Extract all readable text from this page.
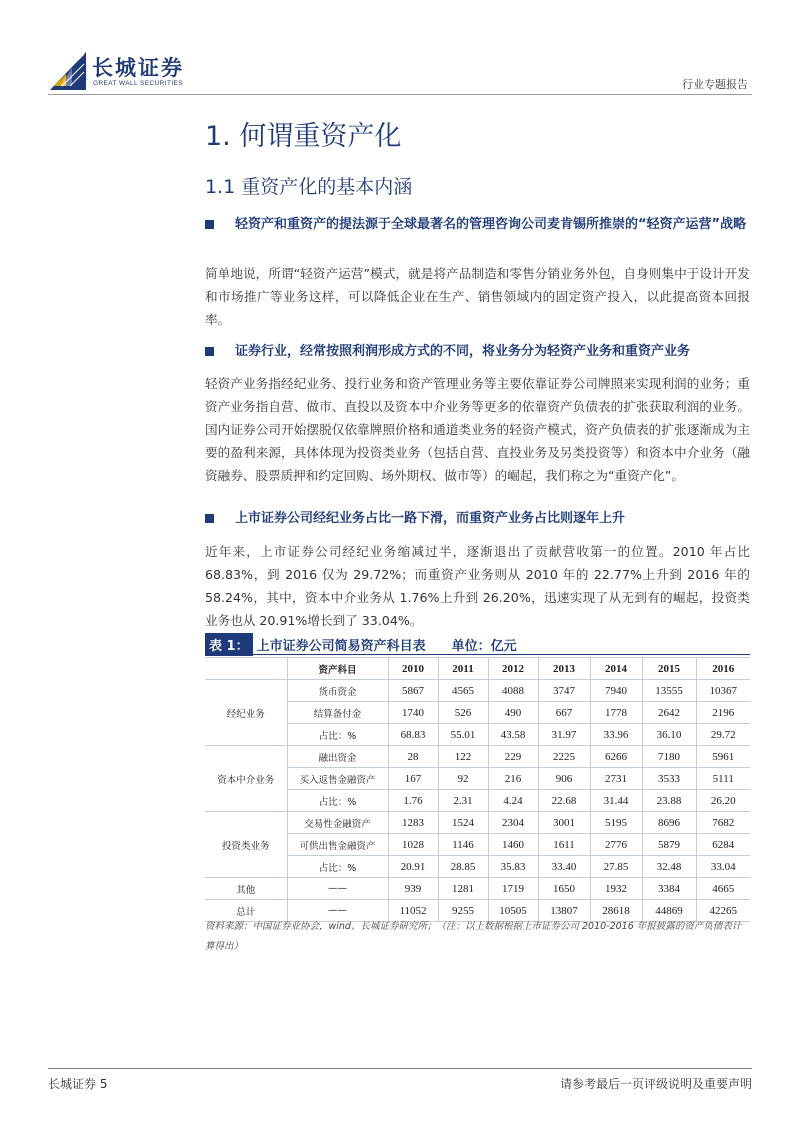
长城证券
GREAT WALL SECURITIES	行业专题报告
1. 何谓重资产化
1.1 重资产化的基本内涵
轻资产和重资产的提法源于全球最著名的管理咨询公司麦肯锡所推崇的“轻资产运营”战略
简单地说，所谓“轻资产运营”模式，就是将产品制造和零售分销业务外包，自身则集中于设计开发和市场推广等业务这样，可以降低企业在生产、销售领域内的固定资产投入，以此提高资本回报率。
证券行业，经常按照利润形成方式的不同，将业务分为轻资产业务和重资产业务
轻资产业务指经纪业务、投行业务和资产管理业务等主要依靠证券公司牌照来实现利润的业务；重资产业务指自营、做市、直投以及资本中介业务等更多的依靠资产负债表的扩张获取利润的业务。国内证券公司开始摆脱仅依靠牌照价格和通道类业务的轻资产模式，资产负债表的扩张逐渐成为主要的盈利来源，具体体现为投资类业务（包括自营、直投业务及另类投资等）和资本中介业务（融资融券、股票质押和约定回购、场外期权、做市等）的崛起，我们称之为“重资产化”。
上市证券公司经纪业务占比一路下滑，而重资产业务占比则逐年上升
近年来，上市证券公司经纪业务缩减过半，逐渐退出了贡献营收第一的位置。2010 年占比 68.83%，到 2016 仅为 29.72%；而重资产业务则从 2010 年的 22.77%上升到 2016 年的 58.24%，其中，资本中介业务从 1.76%上升到 26.20%，迅速实现了从无到有的崛起，投资类业务也从 20.91%增长到了 33.04%。
表 1： 上市证券公司简易资产科目表 单位：亿元
	资产科目	2010	2011	2012	2013	2014	2015	2016
经纪业务	货币资金	5867	4565	4088	3747	7940	13555	10367
	结算备付金	1740	526	490	667	1778	2642	2196
	占比：%	68.83	55.01	43.58	31.97	33.96	36.10	29.72
资本中介业务	融出资金	28	122	229	2225	6266	7180	5961
	买入返售金融资产	167	92	216	906	2731	3533	5111
	占比：%	1.76	2.31	4.24	22.68	31.44	23.88	26.20
投资类业务	交易性金融资产	1283	1524	2304	3001	5195	8696	7682
	可供出售金融资产	1028	1146	1460	1611	2776	5879	6284
	占比：%	20.91	28.85	35.83	33.40	27.85	32.48	33.04
其他	——	939	1281	1719	1650	1932	3384	4665
总计	——	11052	9255	10505	13807	28618	44869	42265
资料来源：中国证券业协会，wind、长城证券研究所；（注：以上数据根据上市证券公司 2010-2016 年报披露的资产负债表计算得出）
长城证券 5	请参考最后一页评级说明及重要声明
